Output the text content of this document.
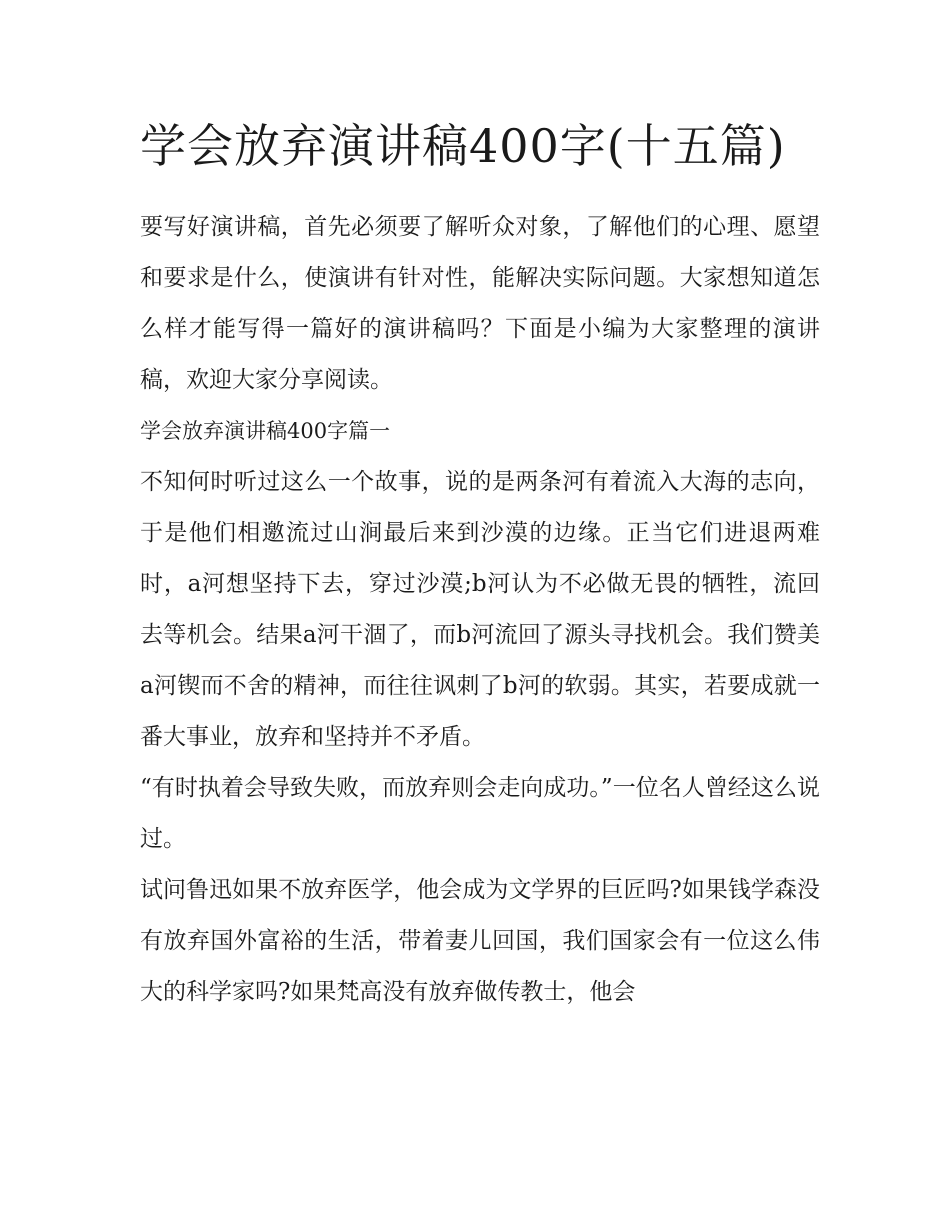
学会放弃演讲稿400字(十五篇)

要写好演讲稿，首先必须要了解听众对象，了解他们的心理、愿望和要求是什么，使演讲有针对性，能解决实际问题。大家想知道怎么样才能写得一篇好的演讲稿吗？下面是小编为大家整理的演讲稿，欢迎大家分享阅读。

学会放弃演讲稿400字篇一

不知何时听过这么一个故事，说的是两条河有着流入大海的志向，于是他们相邀流过山涧最后来到沙漠的边缘。正当它们进退两难时，a河想坚持下去，穿过沙漠;b河认为不必做无畏的牺牲，流回去等机会。结果a河干涸了，而b河流回了源头寻找机会。我们赞美a河锲而不舍的精神，而往往讽刺了b河的软弱。其实，若要成就一番大事业，放弃和坚持并不矛盾。

“有时执着会导致失败，而放弃则会走向成功。”一位名人曾经这么说过。

试问鲁迅如果不放弃医学，他会成为文学界的巨匠吗?如果钱学森没有放弃国外富裕的生活，带着妻儿回国，我们国家会有一位这么伟大的科学家吗?如果梵高没有放弃做传教士，他会
